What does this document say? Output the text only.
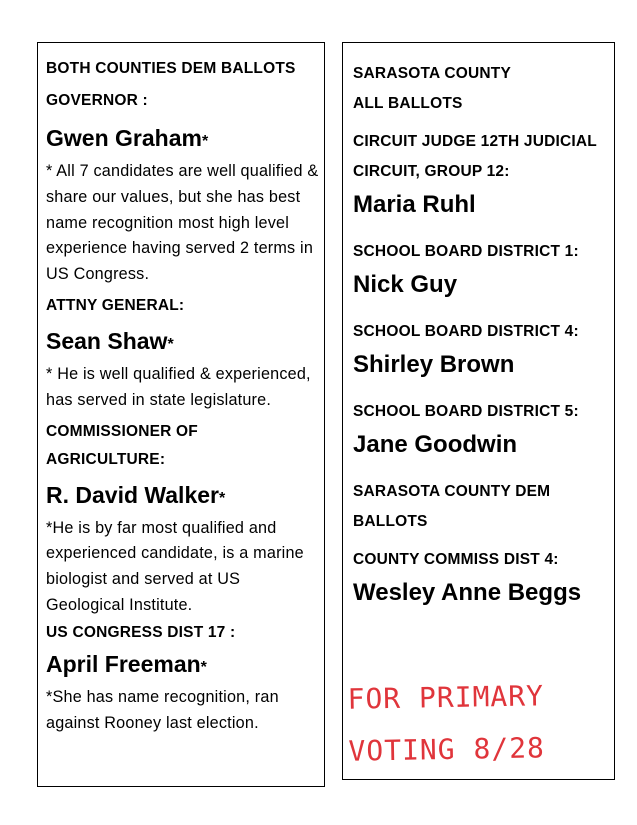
BOTH COUNTIES DEM BALLOTS
GOVERNOR :
Gwen Graham*
* All 7 candidates are well qualified & share our values, but she has best name recognition most high level experience having served 2 terms in US Congress.
ATTNY GENERAL:
Sean Shaw*
* He is well qualified & experienced, has served in state legislature.
COMMISSIONER OF AGRICULTURE:
R. David Walker*
*He is by far most qualified and experienced candidate, is a marine biologist and served at US Geological Institute.
US CONGRESS DIST 17 :
April Freeman*
*She has name recognition, ran against Rooney last election.
SARASOTA COUNTY
ALL BALLOTS
CIRCUIT JUDGE 12TH JUDICIAL CIRCUIT, GROUP 12:
Maria Ruhl
SCHOOL BOARD DISTRICT 1:
Nick Guy
SCHOOL BOARD DISTRICT 4:
Shirley Brown
SCHOOL BOARD DISTRICT 5:
Jane Goodwin
SARASOTA COUNTY DEM
BALLOTS
COUNTY COMMISS DIST 4:
Wesley Anne Beggs
FOR PRIMARY
VOTING 8/28
